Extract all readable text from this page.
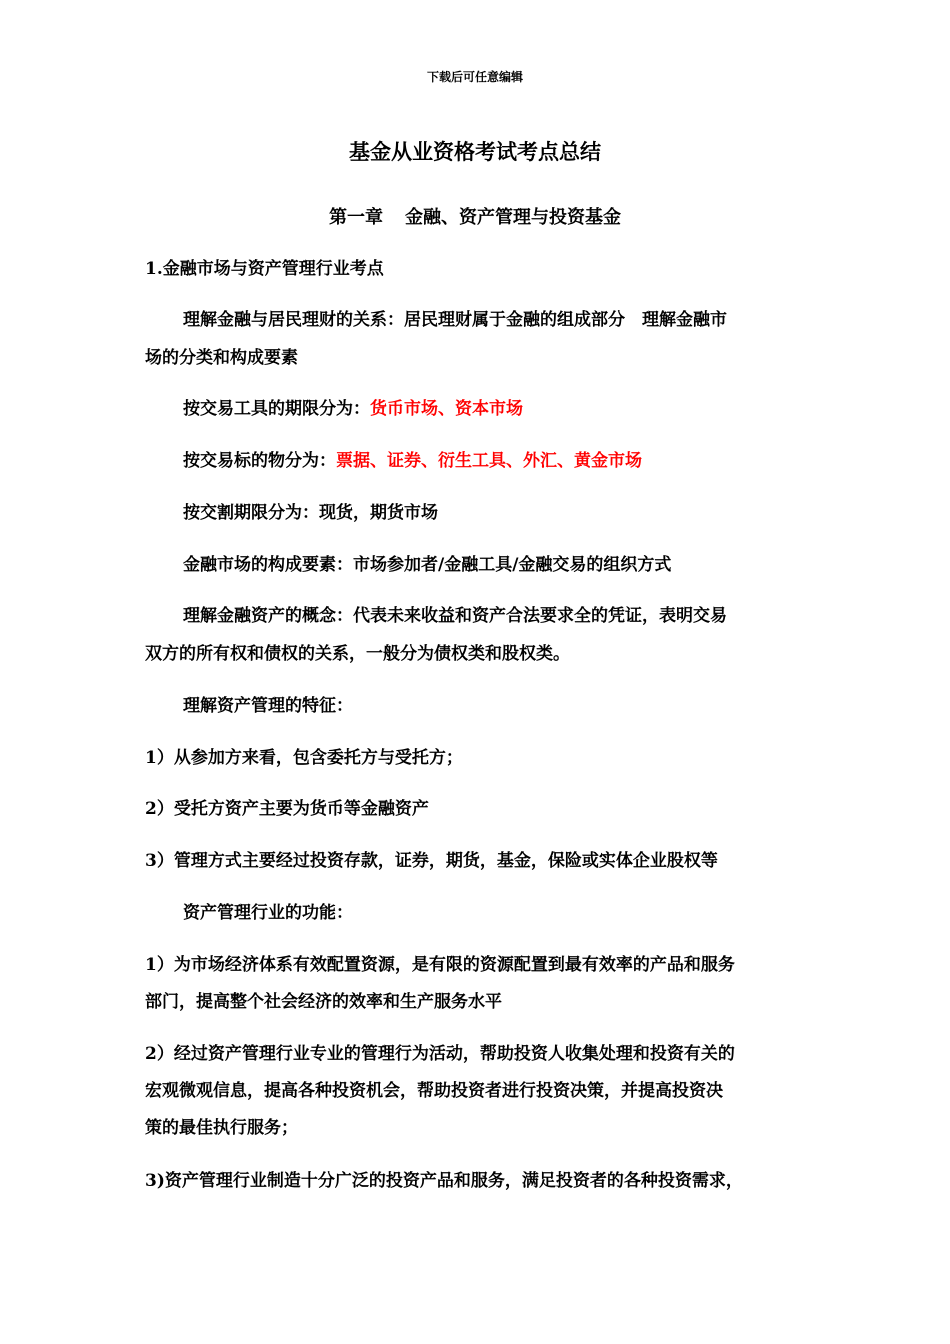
下载后可任意编辑
基金从业资格考试考点总结
第一章 金融、资产管理与投资基金
1.金融市场与资产管理行业考点
理解金融与居民理财的关系：居民理财属于金融的组成部分　理解金融市
场的分类和构成要素
按交易工具的期限分为：货币市场、资本市场
按交易标的物分为：票据、证券、衍生工具、外汇、黄金市场
按交割期限分为：现货，期货市场
金融市场的构成要素：市场参加者/金融工具/金融交易的组织方式
理解金融资产的概念：代表未来收益和资产合法要求全的凭证，表明交易
双方的所有权和债权的关系，一般分为债权类和股权类。
理解资产管理的特征：
1）从参加方来看，包含委托方与受托方；
2）受托方资产主要为货币等金融资产
3）管理方式主要经过投资存款，证券，期货，基金，保险或实体企业股权等
资产管理行业的功能：
1）为市场经济体系有效配置资源，是有限的资源配置到最有效率的产品和服务
部门，提高整个社会经济的效率和生产服务水平
2）经过资产管理行业专业的管理行为活动，帮助投资人收集处理和投资有关的
宏观微观信息，提高各种投资机会，帮助投资者进行投资决策，并提高投资决
策的最佳执行服务；
3)资产管理行业制造十分广泛的投资产品和服务，满足投资者的各种投资需求，
